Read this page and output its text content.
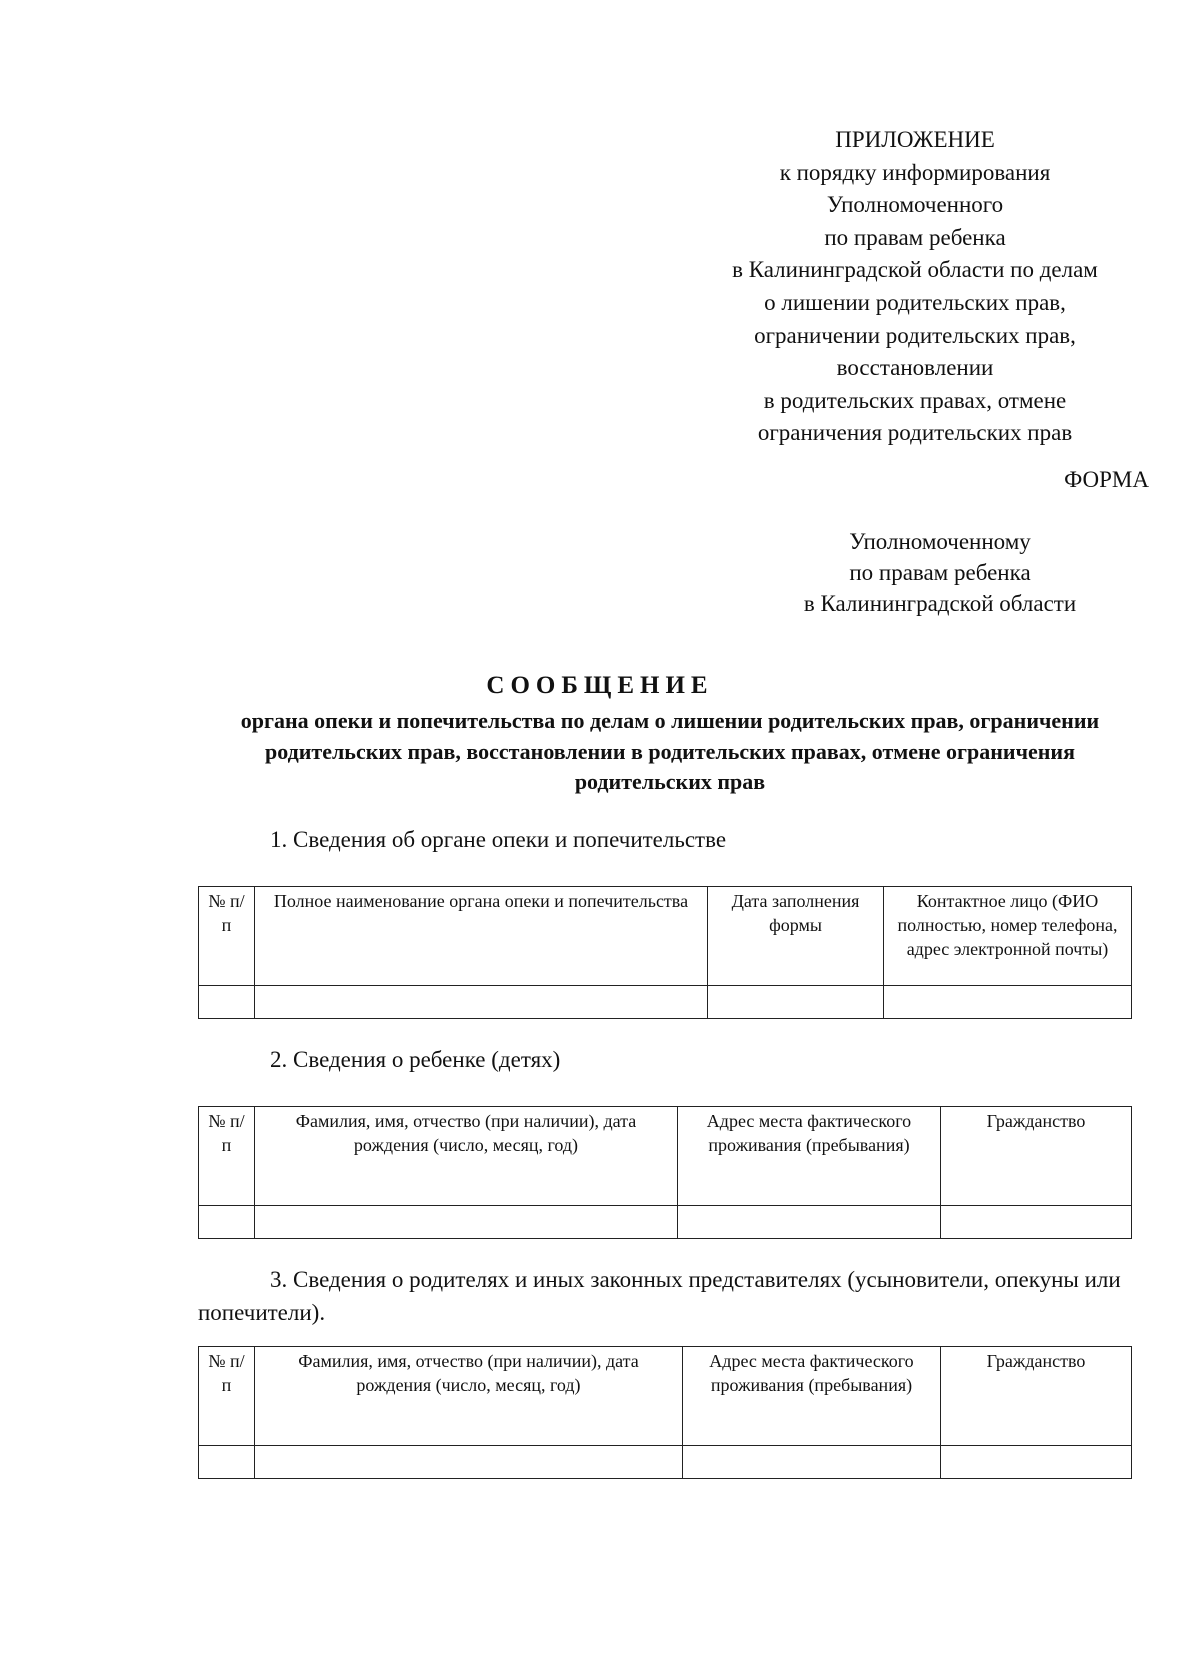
ПРИЛОЖЕНИЕ
к порядку информирования
Уполномоченного
по правам ребенка
в Калининградской области по делам
о лишении родительских прав,
ограничении родительских прав,
восстановлении
в родительских правах, отмене
ограничения родительских прав
ФОРМА
Уполномоченному
по правам ребенка
в Калининградской области
СООБЩЕНИЕ
органа опеки и попечительства по делам о лишении родительских прав, ограничении родительских прав, восстановлении в родительских правах, отмене ограничения родительских прав
1. Сведения об органе опеки и попечительстве
№ п/п	Полное наименование органа опеки и попечительства	Дата заполнения формы	Контактное лицо (ФИО полностью, номер телефона, адрес электронной почты)

2. Сведения о ребенке (детях)
№ п/п	Фамилия, имя, отчество (при наличии), дата рождения (число, месяц, год)	Адрес места фактического проживания (пребывания)	Гражданство

3. Сведения о родителях и иных законных представителях (усыновители, опекуны или попечители).
№ п/п	Фамилия, имя, отчество (при наличии), дата рождения (число, месяц, год)	Адрес места фактического проживания (пребывания)	Гражданство
